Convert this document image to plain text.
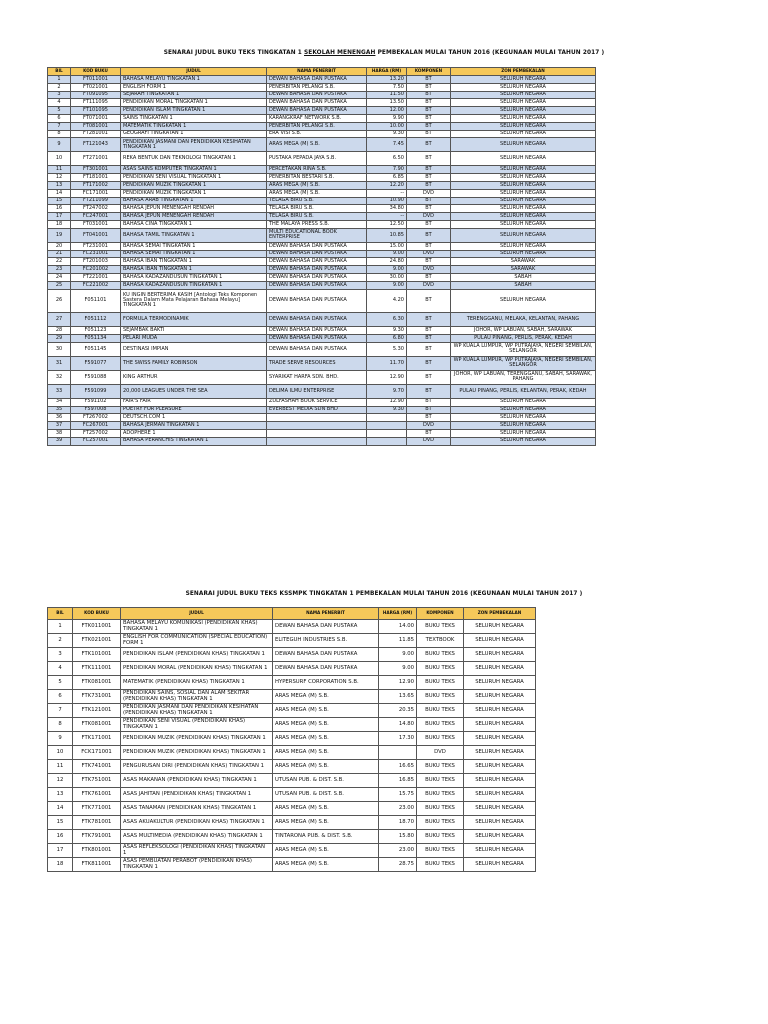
SENARAI JUDUL BUKU TEKS TINGKATAN 1 SEKOLAH MENENGAH PEMBEKALAN MULAI TAHUN 2016 (KEGUNAAN MULAI TAHUN 2017 )
BIL	KOD BUKU	JUDUL	NAMA PENERBIT	HARGA (RM)	KOMPONEN	ZON PEMBEKALAN
1	FT011001	BAHASA MELAYU TINGKATAN 1	DEWAN BAHASA DAN PUSTAKA	13.20	BT	SELURUH NEGARA
2	FT021001	ENGLISH FORM 1	PENERBITAN PELANGI S.B.	7.50	BT	SELURUH NEGARA
3	FT091095	SEJARAH TINGKATAN 1	DEWAN BAHASA DAN PUSTAKA	11.50	BT	SELURUH NEGARA
4	FT111095	PENDIDIKAN MORAL TINGKATAN 1	DEWAN BAHASA DAN PUSTAKA	13.50	BT	SELURUH NEGARA
5	FT101095	PENDIDIKAN ISLAM TINGKATAN 1	DEWAN BAHASA DAN PUSTAKA	12.00	BT	SELURUH NEGARA
6	FT071001	SAINS TINGKATAN 1	KARANGKRAF NETWORK S.B.	9.90	BT	SELURUH NEGARA
7	FT081001	MATEMATIK TINGKATAN 1	PENERBITAN PELANGI S.B.	10.00	BT	SELURUH NEGARA
8	FT281001	GEOGRAFI TINGKATAN 1	ERA VISI S.B.	9.30	BT	SELURUH NEGARA
9	FT121043	PENDIDIKAN JASMANI DAN PENDIDIKAN KESIHATAN TINGKATAN 1	ARAS MEGA (M) S.B.	7.45	BT	SELURUH NEGARA
10	FT271001	REKA BENTUK DAN TEKNOLOGI TINGKATAN 1	PUSTAKA PEPADA JAYA S.B.	6.50	BT	SELURUH NEGARA
11	FT301001	ASAS SAINS KOMPUTER TINGKATAN 1	PERCETAKAN RINA S.B.	7.90	BT	SELURUH NEGARA
12	FT181001	PENDIDIKAN SENI VISUAL TINGKATAN 1	PENERBITAN BESTARI S.B.	6.85	BT	SELURUH NEGARA
13	FT171002	PENDIDIKAN MUZIK TINGKATAN 1	ARAS MEGA (M) S.B.	12.20	BT	SELURUH NEGARA
14	FC171001	PENDIDIKAN MUZIK TINGKATAN 1	ARAS MEGA (M) S.B.	--	DVD	SELURUH NEGARA
15	FT211099	BAHASA ARAB TINGKATAN 1	TELAGA BIRU S.B.	10.90	BT	SELURUH NEGARA
16	FT247002	BAHASA JEPUN MENENGAH RENDAH	TELAGA BIRU S.B.	34.80	BT	SELURUH NEGARA
17	FC247001	BAHASA JEPUN MENENGAH RENDAH	TELAGA BIRU S.B.	--	DVD	SELURUH NEGARA
18	FT031001	BAHASA CINA TINGKATAN 1	THE MALAYA PRESS S.B.	12.50	BT	SELURUH NEGARA
19	FT041001	BAHASA TAMIL TINGKATAN 1	MULTI EDUCATIONAL BOOK ENTERPRISE	10.85	BT	SELURUH NEGARA
20	FT231001	BAHASA SEMAI TINGKATAN 1	DEWAN BAHASA DAN PUSTAKA	15.00	BT	SELURUH NEGARA
21	FC231001	BAHASA SEMAI TINGKATAN 1	DEWAN BAHASA DAN PUSTAKA	9.00	DVD	SELURUH NEGARA
22	FT201003	BAHASA IBAN TINGKATAN 1	DEWAN BAHASA DAN PUSTAKA	24.80	BT	SARAWAK
23	FC201002	BAHASA IBAN TINGKATAN 1	DEWAN BAHASA DAN PUSTAKA	9.00	DVD	SARAWAK
24	FT221001	BAHASA KADAZANDUSUN TINGKATAN 1	DEWAN BAHASA DAN PUSTAKA	30.00	BT	SABAH
25	FC221002	BAHASA KADAZANDUSUN TINGKATAN 1	DEWAN BAHASA DAN PUSTAKA	9.00	DVD	SABAH
26	F051101	KU INGIN BERTERIMA KASIH [Antologi Teks Komponen Sastera Dalam Mata Pelajaran Bahasa Melayu] TINGKATAN 1	DEWAN BAHASA DAN PUSTAKA	4.20	BT	SELURUH NEGARA
27	F051112	FORMULA TERMODINAMIK	DEWAN BAHASA DAN PUSTAKA	6.30	BT	TERENGGANU, MELAKA, KELANTAN, PAHANG
28	F051123	SEJAMBAK BAKTI	DEWAN BAHASA DAN PUSTAKA	9.30	BT	JOHOR, WP LABUAN, SABAH, SARAWAK
29	F051134	PELARI MUDA	DEWAN BAHASA DAN PUSTAKA	6.80	BT	PULAU PINANG, PERLIS, PERAK, KEDAH
30	F051145	DESTINASI IMPIAN	DEWAN BAHASA DAN PUSTAKA	5.30	BT	WP KUALA LUMPUR, WP PUTRAJAYA, NEGERI SEMBILAN, SELANGOR
31	F591077	THE SWISS FAMILY ROBINSON	TRADE SERVE RESOURCES	11.70	BT	WP KUALA LUMPUR, WP PUTRAJAYA, NEGERI SEMBILAN, SELANGOR
32	F591088	KING ARTHUR	SYARIKAT HARFA SDN. BHD.	12.90	BT	JOHOR, WP LABUAN, TERENGGANU, SABAH, SARAWAK, PAHANG
33	F591099	20,000 LEAGUES UNDER THE SEA	DELIMA ILMU ENTERPRISE	9.70	BT	PULAU PINANG, PERLIS, KELANTAN, PERAK, KEDAH
34	F591102	FAIR'S FAIR	ZULFASHAH BOOK SERVICE	12.90	BT	SELURUH NEGARA
35	F597008	POETRY FOR PLEASURE	EVERBEST MEDIA SDN BHD	9.30	BT	SELURUH NEGARA
36	FT267002	DEUTSCH.COM 1			BT	SELURUH NEGARA
37	FC267001	BAHASA JERMAN TINGKATAN 1			DVD	SELURUH NEGARA
38	FT257002	ADOPHERE 1			BT	SELURUH NEGARA
39	FC257001	BAHASA PERANCHIS TINGKATAN 1			DVD	SELURUH NEGARA
SENARAI JUDUL BUKU TEKS KSSMPK TINGKATAN 1 PEMBEKALAN MULAI TAHUN 2016 (KEGUNAAN MULAI TAHUN 2017 )
BIL	KOD BUKU	JUDUL	NAMA PENERBIT	HARGA (RM)	KOMPONEN	ZON PEMBEKALAN
1	FTK011001	BAHASA MELAYU KOMUNIKASI (PENDIDIKAN KHAS) TINGKATAN 1	DEWAN BAHASA DAN PUSTAKA	14.00	BUKU TEKS	SELURUH NEGARA
2	FTK021001	ENGLISH FOR COMMUNICATION (SPECIAL EDUCATION) FORM 1	ELITEGUH INDUSTRIES S.B.	11.85	TEXTBOOK	SELURUH NEGARA
3	FTK101001	PENDIDIKAN ISLAM (PENDIDIKAN KHAS) TINGKATAN 1	DEWAN BAHASA DAN PUSTAKA	9.00	BUKU TEKS	SELURUH NEGARA
4	FTK111001	PENDIDIKAN MORAL (PENDIDIKAN KHAS) TINGKATAN 1	DEWAN BAHASA DAN PUSTAKA	9.00	BUKU TEKS	SELURUH NEGARA
5	FTK081001	MATEMATIK (PENDIDIKAN KHAS) TINGKATAN 1	HYPERSURF CORPORATION S.B.	12.90	BUKU TEKS	SELURUH NEGARA
6	FTK731001	PENDIDIKAN SAINS, SOSIAL DAN ALAM SEKITAR (PENDIDIKAN KHAS) TINGKATAN 1	ARAS MEGA (M) S.B.	13.65	BUKU TEKS	SELURUH NEGARA
7	FTK121001	PENDIDIKAN JASMANI DAN PENDIDIKAN KESIHATAN (PENDIDIKAN KHAS) TINGKATAN 1	ARAS MEGA (M) S.B.	20.35	BUKU TEKS	SELURUH NEGARA
8	FTK081001	PENDIDIKAN SENI VISUAL (PENDIDIKAN KHAS) TINGKATAN 1	ARAS MEGA (M) S.B.	14.80	BUKU TEKS	SELURUH NEGARA
9	FTK171001	PENDIDIKAN MUZIK (PENDIDIKAN KHAS) TINGKATAN 1	ARAS MEGA (M) S.B.	17.30	BUKU TEKS	SELURUH NEGARA
10	FCK171001	PENDIDIKAN MUZIK (PENDIDIKAN KHAS) TINGKATAN 1	ARAS MEGA (M) S.B.		DVD	SELURUH NEGARA
11	FTK741001	PENGURUSAN DIRI (PENDIDIKAN KHAS) TINGKATAN 1	ARAS MEGA (M) S.B.	16.65	BUKU TEKS	SELURUH NEGARA
12	FTK751001	ASAS MAKANAN (PENDIDIKAN KHAS) TINGKATAN 1	UTUSAN PUB. & DIST. S.B.	16.85	BUKU TEKS	SELURUH NEGARA
13	FTK761001	ASAS JAHITAN (PENDIDIKAN KHAS) TINGKATAN 1	UTUSAN PUB. & DIST. S.B.	15.75	BUKU TEKS	SELURUH NEGARA
14	FTK771001	ASAS TANAMAN (PENDIDIKAN KHAS) TINGKATAN 1	ARAS MEGA (M) S.B.	23.00	BUKU TEKS	SELURUH NEGARA
15	FTK781001	ASAS AKUAKULTUR (PENDIDIKAN KHAS) TINGKATAN 1	ARAS MEGA (M) S.B.	18.70	BUKU TEKS	SELURUH NEGARA
16	FTK791001	ASAS MULTIMEDIA (PENDIDIKAN KHAS) TINGKATAN 1	TINTARONA PUB. & DIST. S.B.	15.80	BUKU TEKS	SELURUH NEGARA
17	FTK801001	ASAS REFLEKSOLOGI (PENDIDIKAN KHAS) TINGKATAN 1	ARAS MEGA (M) S.B.	23.00	BUKU TEKS	SELURUH NEGARA
18	FTK811001	ASAS PEMBUATAN PERABOT (PENDIDIKAN KHAS) TINGKATAN 1	ARAS MEGA (M) S.B.	28.75	BUKU TEKS	SELURUH NEGARA
